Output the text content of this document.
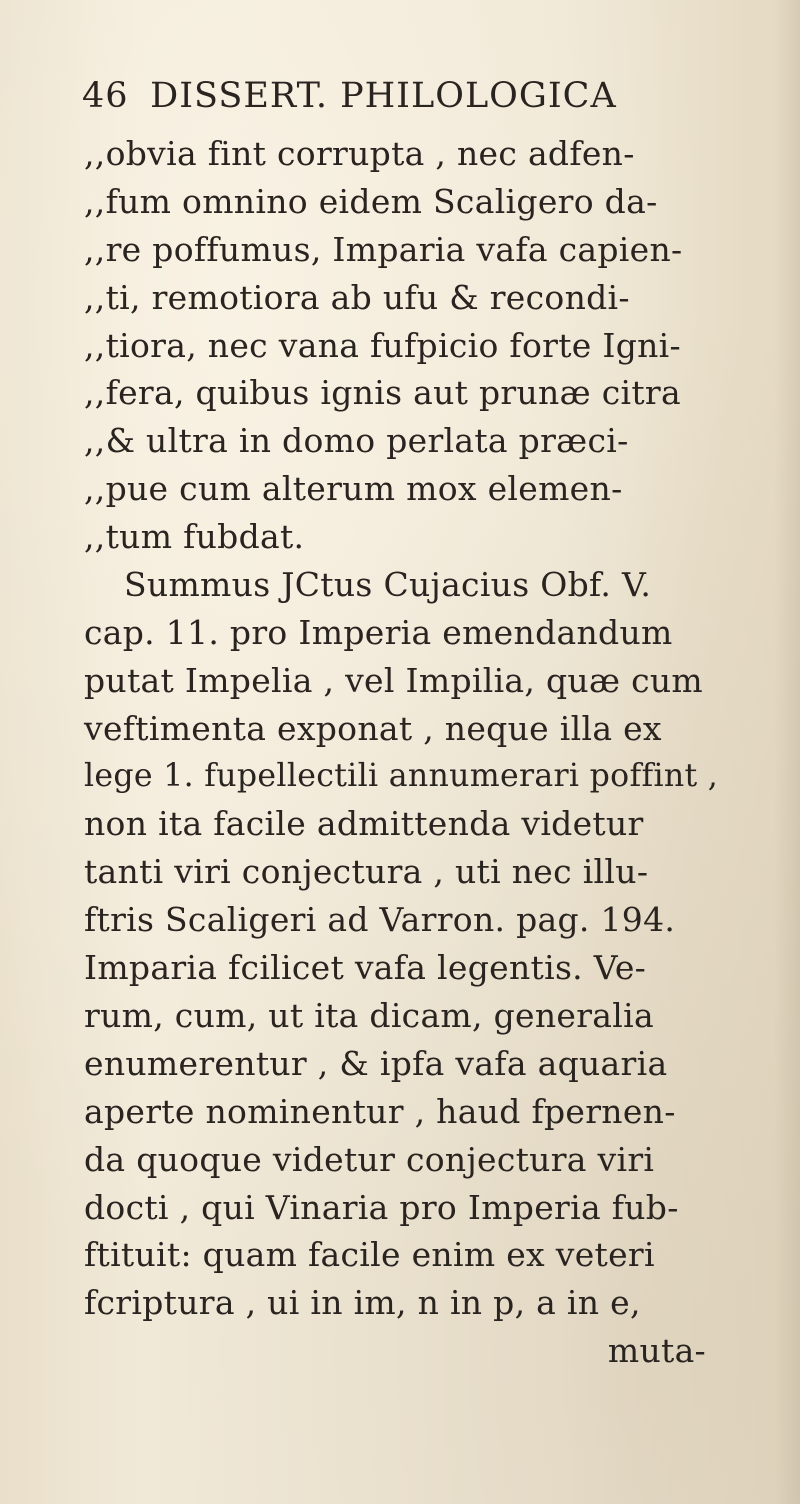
46 DISSERT. PHILOLOGICA
,,obvia fint corrupta , nec adfen-
,,fum omnino eidem Scaligero da-
,,re poffumus, Imparia vafa capien-
,,ti, remotiora ab ufu & recondi-
,,tiora, nec vana fufpicio forte Igni-
,,fera, quibus ignis aut prunæ citra
,,& ultra in domo perlata præci-
,,pue cum alterum mox elemen-
,,tum fubdat.
Summus JCtus Cujacius Obf. V.
cap. 11. pro Imperia emendandum
putat Impelia , vel Impilia, quæ cum
veftimenta exponat , neque illa ex
lege 1. fupellectili annumerari poffint ,
non ita facile admittenda videtur
tanti viri conjectura , uti nec illu-
ftris Scaligeri ad Varron. pag. 194.
Imparia fcilicet vafa legentis. Ve-
rum, cum, ut ita dicam, generalia
enumerentur , & ipfa vafa aquaria
aperte nominentur , haud fpernen-
da quoque videtur conjectura viri
docti , qui Vinaria pro Imperia fub-
ftituit: quam facile enim ex veteri
fcriptura , ui in im, n in p, a in e,
muta-
